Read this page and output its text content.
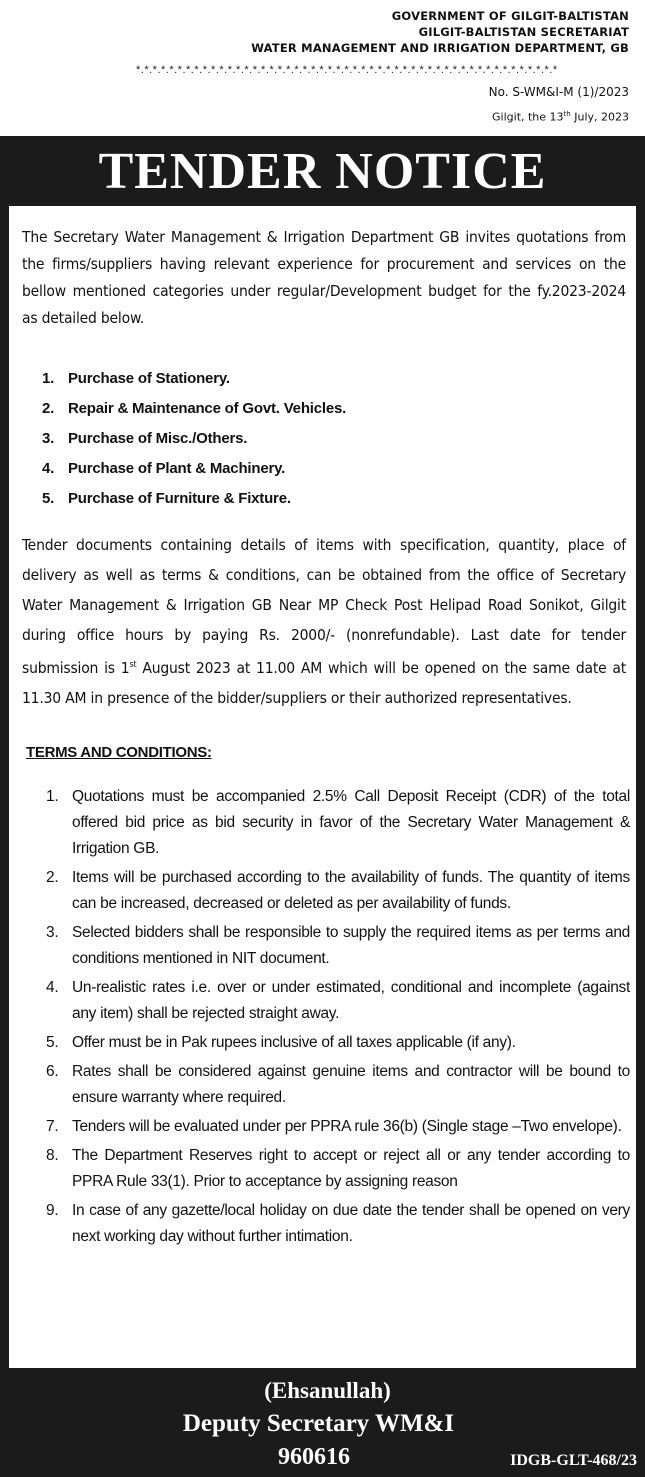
GOVERNMENT OF GILGIT-BALTISTAN
GILGIT-BALTISTAN SECRETARIAT
WATER MANAGEMENT AND IRRIGATION DEPARTMENT, GB
*.*.*.*.*.*.*.*.*.*.*.*.*.*.*.*.*.*.*.*.*.*.*.*.*.*.*.*.*.*.*.*.*.*.*.*.*.*.*.*.*.*.*.*.*.*.*.*.*.*.*
No. S-WM&I-M (1)/2023
Gilgit, the 13th July, 2023
TENDER NOTICE

The Secretary Water Management & Irrigation Department GB invites quotations from the firms/suppliers having relevant experience for procurement and services on the bellow mentioned categories under regular/Development budget for the fy.2023-2024 as detailed below.

1. Purchase of Stationery.
2. Repair & Maintenance of Govt. Vehicles.
3. Purchase of Misc./Others.
4. Purchase of Plant & Machinery.
5. Purchase of Furniture & Fixture.

Tender documents containing details of items with specification, quantity, place of delivery as well as terms & conditions, can be obtained from the office of Secretary Water Management & Irrigation GB Near MP Check Post Helipad Road Sonikot, Gilgit during office hours by paying Rs. 2000/- (nonrefundable). Last date for tender submission is 1st August 2023 at 11.00 AM which will be opened on the same date at 11.30 AM in presence of the bidder/suppliers or their authorized representatives.

TERMS AND CONDITIONS:
1. Quotations must be accompanied 2.5% Call Deposit Receipt (CDR) of the total offered bid price as bid security in favor of the Secretary Water Management & Irrigation GB.
2. Items will be purchased according to the availability of funds. The quantity of items can be increased, decreased or deleted as per availability of funds.
3. Selected bidders shall be responsible to supply the required items as per terms and conditions mentioned in NIT document.
4. Un-realistic rates i.e. over or under estimated, conditional and incomplete (against any item) shall be rejected straight away.
5. Offer must be in Pak rupees inclusive of all taxes applicable (if any).
6. Rates shall be considered against genuine items and contractor will be bound to ensure warranty where required.
7. Tenders will be evaluated under per PPRA rule 36(b) (Single stage –Two envelope).
8. The Department Reserves right to accept or reject all or any tender according to PPRA Rule 33(1). Prior to acceptance by assigning reason
9. In case of any gazette/local holiday on due date the tender shall be opened on very next working day without further intimation.
(Ehsanullah)
Deputy Secretary WM&I
960616	IDGB-GLT-468/23
